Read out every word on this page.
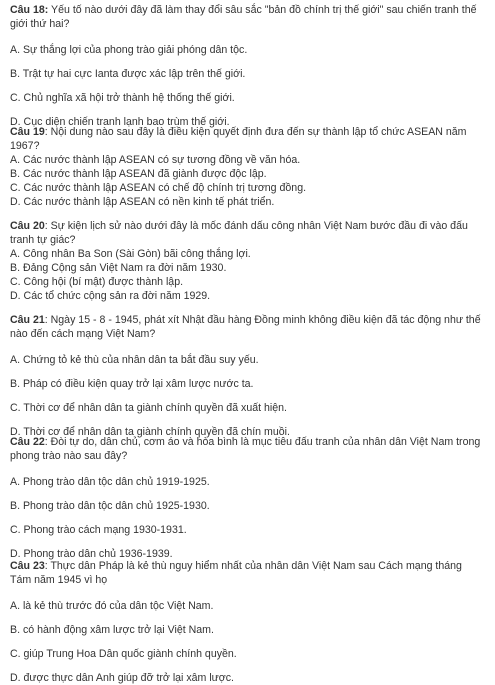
Câu 18: Yếu tố nào dưới đây đã làm thay đổi sâu sắc "bản đồ chính trị thế giới" sau chiến tranh thế giới thứ hai?

A. Sự thắng lợi của phong trào giải phóng dân tộc.

B. Trật tự hai cực Ianta được xác lập trên thế giới.

C. Chủ nghĩa xã hội trở thành hệ thống thế giới.

D. Cục diện chiến tranh lạnh bao trùm thế giới.

Câu 19: Nội dung nào sau đây là điều kiện quyết định đưa đến sự thành lập tổ chức ASEAN năm 1967?

A. Các nước thành lập ASEAN có sự tương đồng về văn hóa.

B. Các nước thành lập ASEAN đã giành được độc lập.

C. Các nước thành lập ASEAN có chế độ chính trị tương đồng.

D. Các nước thành lập ASEAN có nền kinh tế phát triển.

Câu 20: Sự kiện lịch sử nào dưới đây là mốc đánh dấu công nhân Việt Nam bước đầu đi vào đấu tranh tự giác?

A. Công nhân Ba Son (Sài Gòn) bãi công thắng lợi.

B. Đảng Cộng sản Việt Nam ra đời năm 1930.

C. Công hội (bí mật) được thành lập.

D. Các tổ chức cộng sản ra đời năm 1929.

Câu 21: Ngày 15 - 8 - 1945, phát xít Nhật đầu hàng Đồng minh không điều kiện đã tác động như thế nào đến cách mạng Việt Nam?

A. Chứng tỏ kẻ thù của nhân dân ta bắt đầu suy yếu.

B. Pháp có điều kiện quay trở lại xâm lược nước ta.

C. Thời cơ để nhân dân ta giành chính quyền đã xuất hiện.

D. Thời cơ để nhân dân ta giành chính quyền đã chín muồi.

Câu 22: Đòi tự do, dân chủ, cơm áo và hòa bình là mục tiêu đấu tranh của nhân dân Việt Nam trong phong trào nào sau đây?

A. Phong trào dân tộc dân chủ 1919-1925.

B. Phong trào dân tộc dân chủ 1925-1930.

C. Phong trào cách mạng 1930-1931.

D. Phong trào dân chủ 1936-1939.

Câu 23: Thực dân Pháp là kẻ thù nguy hiểm nhất của nhân dân Việt Nam sau Cách mạng tháng Tám năm 1945 vì họ

A. là kẻ thù trước đó của dân tộc Việt Nam.

B. có hành động xâm lược trở lại Việt Nam.

C. giúp Trung Hoa Dân quốc giành chính quyền.

D. được thực dân Anh giúp đỡ trở lại xâm lược.
